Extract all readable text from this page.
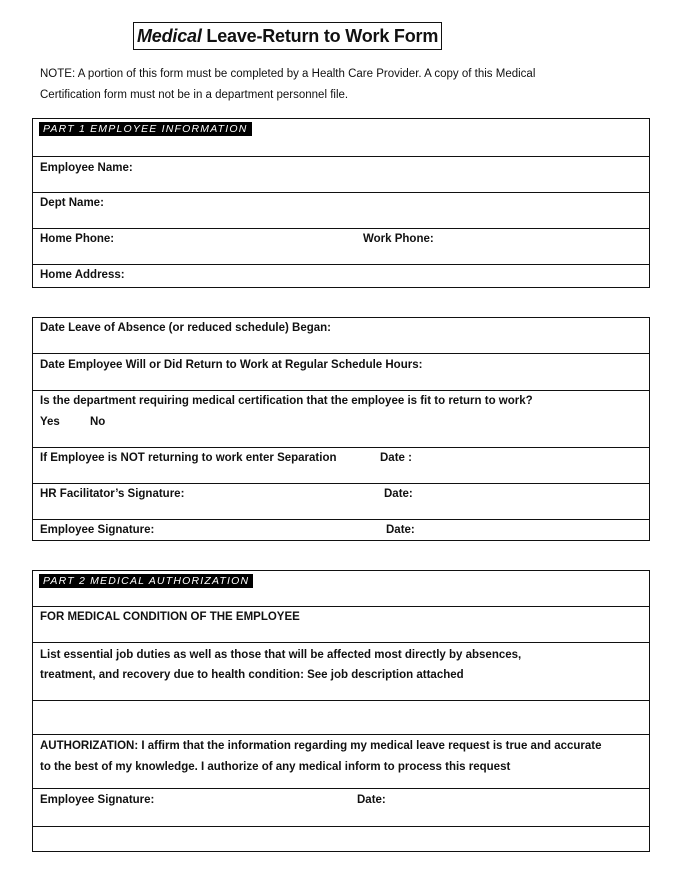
Medical Leave-Return to Work Form
NOTE: A portion of this form must be completed by a Health Care Provider. A copy of this Medical
Certification form must not be in a department personnel file.
PART 1 EMPLOYEE INFORMATION
Employee Name:
Dept Name:
Home Phone:	Work Phone:
Home Address:
Date Leave of Absence (or reduced schedule) Began:
Date Employee Will or Did Return to Work at Regular Schedule Hours:
Is the department requiring medical certification that the employee is fit to return to work?
Yes	No
If Employee is NOT returning to work enter Separation	Date :
HR Facilitator’s Signature:	Date:
Employee Signature:	Date:
PART 2 MEDICAL AUTHORIZATION
FOR MEDICAL CONDITION OF THE EMPLOYEE
List essential job duties as well as those that will be affected most directly by absences,
treatment, and recovery due to health condition: See job description attached
AUTHORIZATION: I affirm that the information regarding my medical leave request is true and accurate
to the best of my knowledge. I authorize of any medical inform to process this request
Employee Signature:	Date:
